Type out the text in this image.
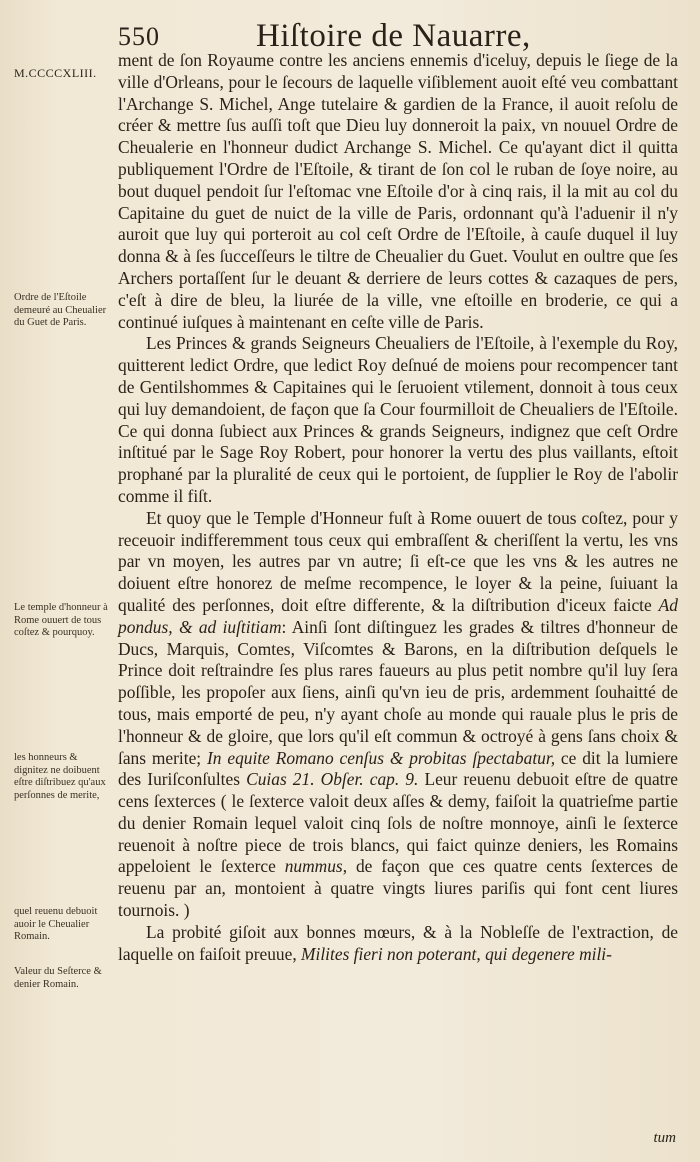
550	Hiſtoire de Nauarre,
M.CCCCXLIII.
Ordre de l'Eſtoile demeuré au Cheualier du Guet de Paris.
Le temple d'honneur à Rome ouuert de tous coſtez & pourquoy.
les honneurs & dignitez ne doibuent eſtre diſtribuez qu'aux perſonnes de merite,
quel reuenu debuoit auoir le Cheualier Romain.
Valeur du Seſterce & denier Romain.

ment de ſon Royaume contre les anciens ennemis d'iceluy, depuis le ſiege de la ville d'Orleans, pour le ſecours de laquelle viſiblement auoit eſté veu combattant l'Archange S. Michel, Ange tutelaire & gardien de la France, il auoit reſolu de créer & mettre ſus auſſi toſt que Dieu luy donneroit la paix, vn nouuel Ordre de Cheualerie en l'honneur dudict Archange S. Michel. Ce qu'ayant dict il quitta publiquement l'Ordre de l'Eſtoile, & tirant de ſon col le ruban de ſoye noire, au bout duquel pendoit ſur l'eſtomac vne Eſtoile d'or à cinq rais, il la mit au col du Capitaine du guet de nuict de la ville de Paris, ordonnant qu'à l'aduenir il n'y auroit que luy qui porteroit au col ceſt Ordre de l'Eſtoile, à cauſe duquel il luy donna & à ſes ſucceſſeurs le tiltre de Cheualier du Guet. Voulut en oultre que ſes Archers portaſſent ſur le deuant & derriere de leurs cottes & cazaques de pers, c'eſt à dire de bleu, la liurée de la ville, vne eſtoille en broderie, ce qui a continué iuſques à maintenant en ceſte ville de Paris.

Les Princes & grands Seigneurs Cheualiers de l'Eſtoile, à l'exemple du Roy, quitterent ledict Ordre, que ledict Roy deſnué de moiens pour recompencer tant de Gentilshommes & Capitaines qui le ſeruoient vtilement, donnoit à tous ceux qui luy demandoient, de façon que ſa Cour fourmilloit de Cheualiers de l'Eſtoile. Ce qui donna ſubiect aux Princes & grands Seigneurs, indignez que ceſt Ordre inſtitué par le Sage Roy Robert, pour honorer la vertu des plus vaillants, eſtoit prophané par la pluralité de ceux qui le portoient, de ſupplier le Roy de l'abolir comme il fiſt.

Et quoy que le Temple d'Honneur fuſt à Rome ouuert de tous coſtez, pour y receuoir indifferemment tous ceux qui embraſſent & cheriſſent la vertu, les vns par vn moyen, les autres par vn autre; ſi eſt-ce que les vns & les autres ne doiuent eſtre honorez de meſme recompence, le loyer & la peine, ſuiuant la qualité des perſonnes, doit eſtre differente, & la diſtribution d'iceux faicte Ad pondus, & ad iuſtitiam: Ainſi ſont diſtinguez les grades & tiltres d'honneur de Ducs, Marquis, Comtes, Viſcomtes & Barons, en la diſtribution deſquels le Prince doit reſtraindre ſes plus rares faueurs au plus petit nombre qu'il luy ſera poſſible, les propoſer aux ſiens, ainſi qu'vn ieu de pris, ardemment ſouhaitté de tous, mais emporté de peu, n'y ayant choſe au monde qui rauale plus le pris de l'honneur & de gloire, que lors qu'il eſt commun & octroyé à gens ſans choix & ſans merite; In equite Romano cenſus & probitas ſpectabatur, ce dit la lumiere des Iuriſconſultes Cuias 21. Obſer. cap. 9. Leur reuenu debuoit eſtre de quatre cens ſexterces ( le ſexterce valoit deux aſſes & demy, faiſoit la quatrieſme partie du denier Romain lequel valoit cinq ſols de noſtre monnoye, ainſi le ſexterce reuenoit à noſtre piece de trois blancs, qui faict quinze deniers, les Romains appeloient le ſexterce nummus, de façon que ces quatre cents ſexterces de reuenu par an, montoient à quatre vingts liures pariſis qui font cent liures tournois. )

La probité giſoit aux bonnes mœurs, & à la Nobleſſe de l'extraction, de laquelle on faiſoit preuue, Milites fieri non poterant, qui degenere mili-

tum
